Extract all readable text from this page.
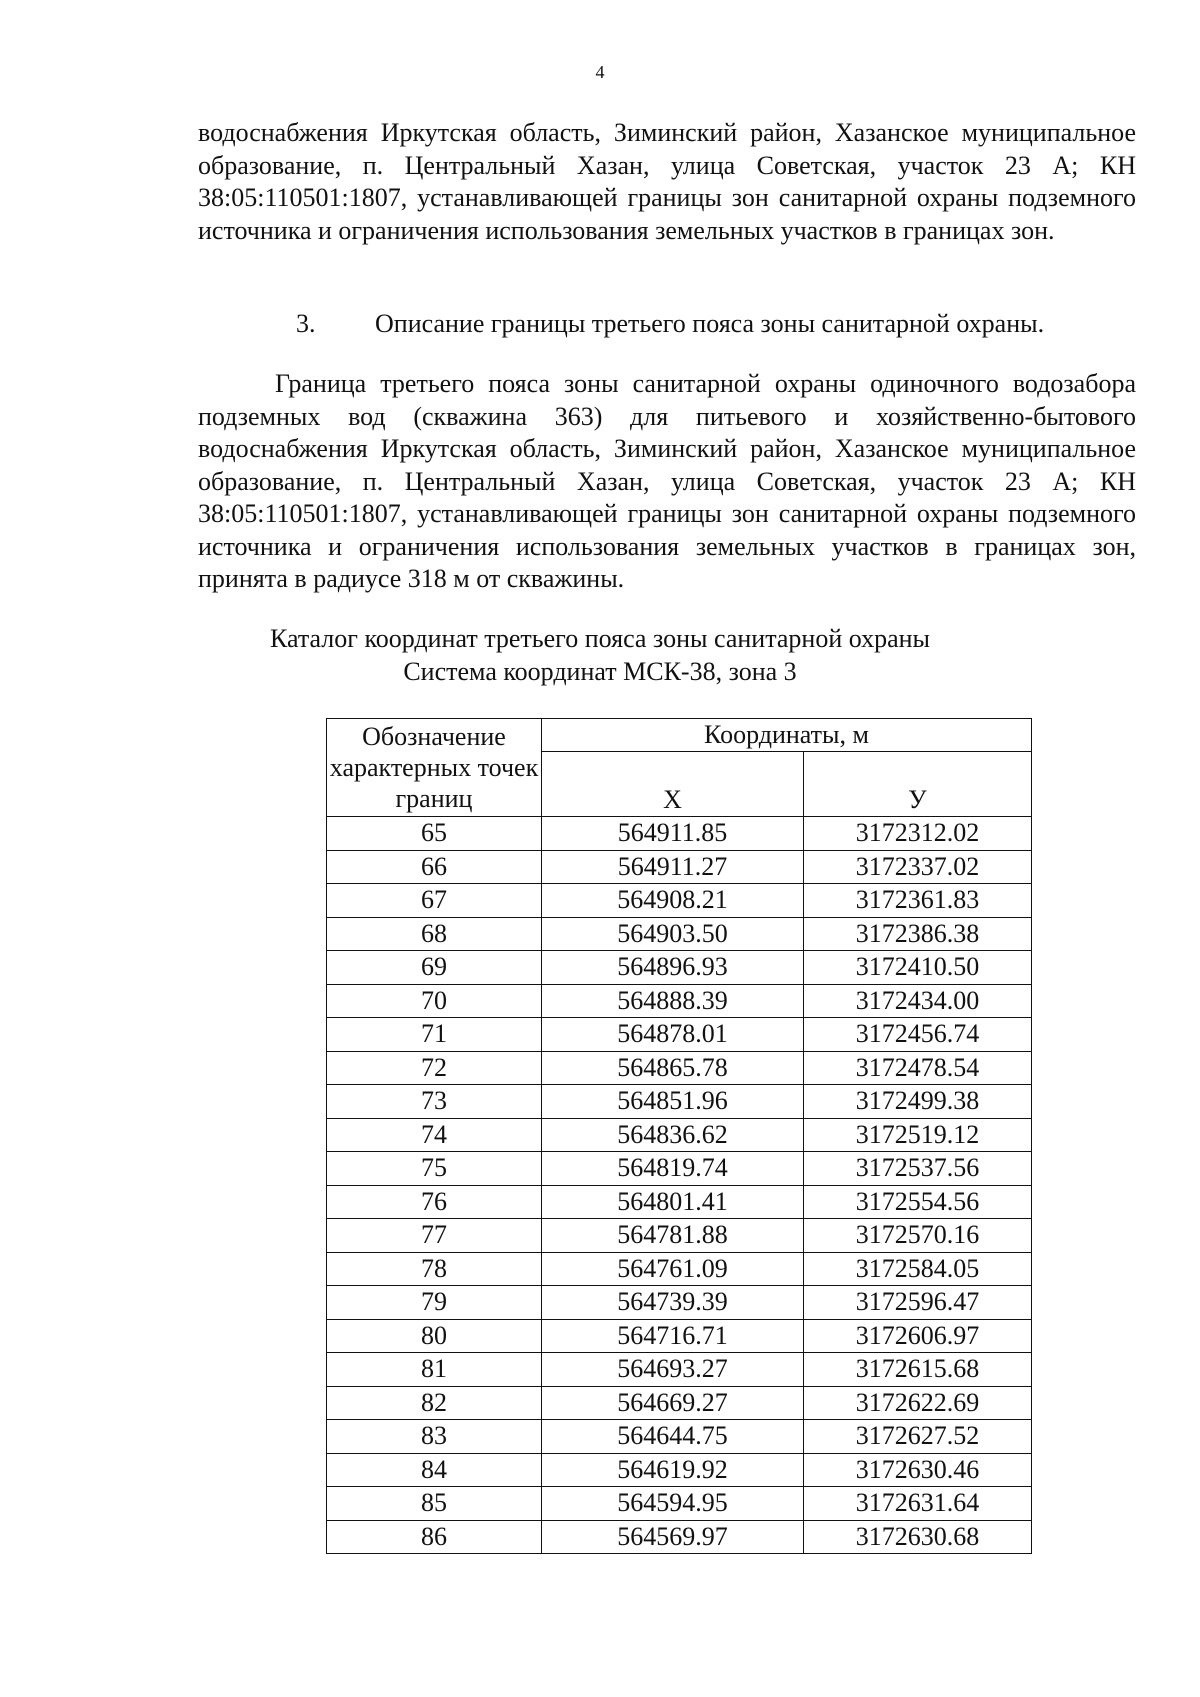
4
водоснабжения Иркутская область, Зиминский район, Хазанское муниципальное образование, п. Центральный Хазан, улица Советская, участок 23 А; КН 38:05:110501:1807, устанавливающей границы зон санитарной охраны подземного источника и ограничения использования земельных участков в границах зон.
3. Описание границы третьего пояса зоны санитарной охраны.
Граница третьего пояса зоны санитарной охраны одиночного водозабора подземных вод (скважина 363) для питьевого и хозяйственно-бытового водоснабжения Иркутская область, Зиминский район, Хазанское муниципальное образование, п. Центральный Хазан, улица Советская, участок 23 А; КН 38:05:110501:1807, устанавливающей границы зон санитарной охраны подземного источника и ограничения использования земельных участков в границах зон, принята в радиусе 318 м от скважины.
Каталог координат третьего пояса зоны санитарной охраны
Система координат МСК-38, зона 3
Обозначение характерных точек границ	Координаты, м	
	Х	У
65	564911.85	3172312.02
66	564911.27	3172337.02
67	564908.21	3172361.83
68	564903.50	3172386.38
69	564896.93	3172410.50
70	564888.39	3172434.00
71	564878.01	3172456.74
72	564865.78	3172478.54
73	564851.96	3172499.38
74	564836.62	3172519.12
75	564819.74	3172537.56
76	564801.41	3172554.56
77	564781.88	3172570.16
78	564761.09	3172584.05
79	564739.39	3172596.47
80	564716.71	3172606.97
81	564693.27	3172615.68
82	564669.27	3172622.69
83	564644.75	3172627.52
84	564619.92	3172630.46
85	564594.95	3172631.64
86	564569.97	3172630.68
